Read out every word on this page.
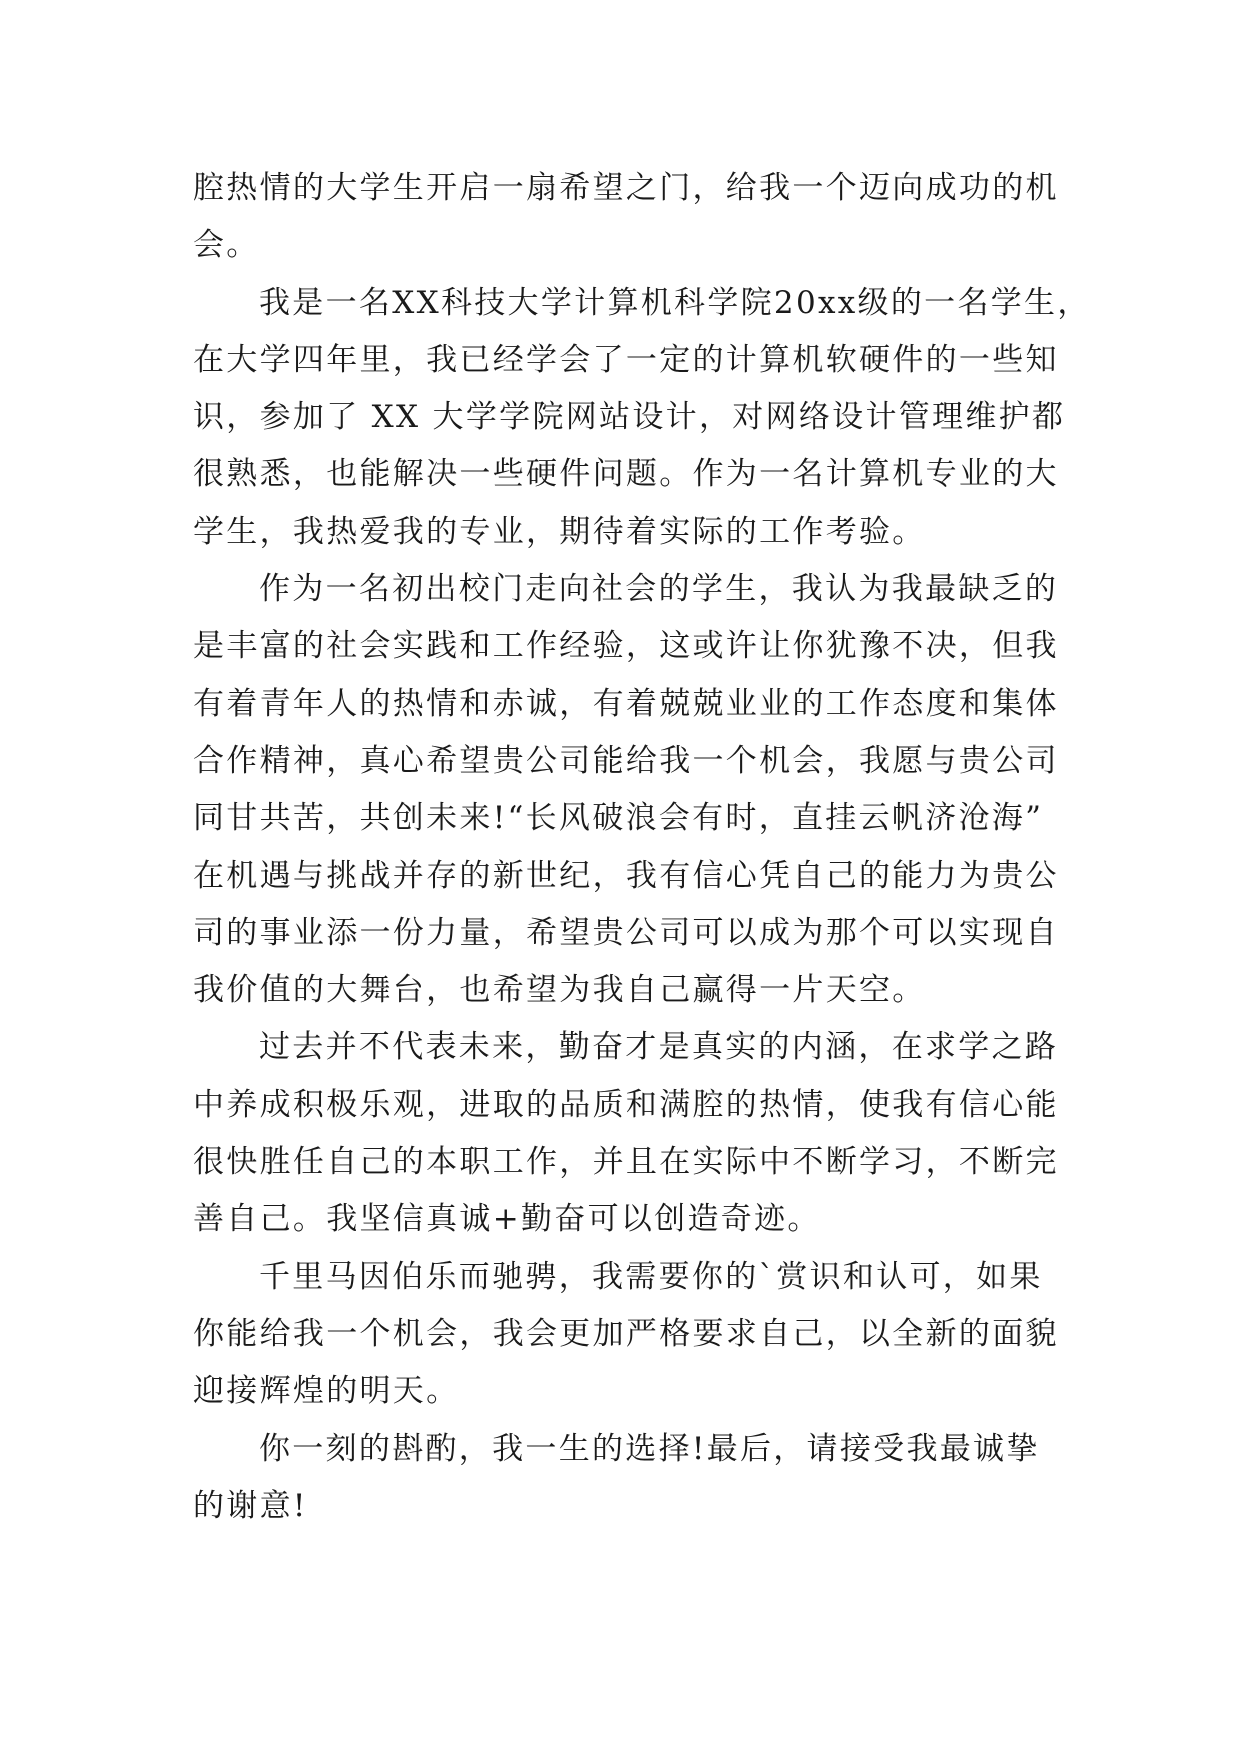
腔热情的大学生开启一扇希望之门，给我一个迈向成功的机
会。
我是一名XX科技大学计算机科学院20xx级的一名学生，
在大学四年里，我已经学会了一定的计算机软硬件的一些知
识，参加了 XX 大学学院网站设计，对网络设计管理维护都
很熟悉，也能解决一些硬件问题。作为一名计算机专业的大
学生，我热爱我的专业，期待着实际的工作考验。
作为一名初出校门走向社会的学生，我认为我最缺乏的
是丰富的社会实践和工作经验，这或许让你犹豫不决，但我
有着青年人的热情和赤诚，有着兢兢业业的工作态度和集体
合作精神，真心希望贵公司能给我一个机会，我愿与贵公司
同甘共苦，共创未来!“长风破浪会有时，直挂云帆济沧海”
在机遇与挑战并存的新世纪，我有信心凭自己的能力为贵公
司的事业添一份力量，希望贵公司可以成为那个可以实现自
我价值的大舞台，也希望为我自己赢得一片天空。
过去并不代表未来，勤奋才是真实的内涵，在求学之路
中养成积极乐观，进取的品质和满腔的热情，使我有信心能
很快胜任自己的本职工作，并且在实际中不断学习，不断完
善自己。我坚信真诚+勤奋可以创造奇迹。
千里马因伯乐而驰骋，我需要你的`赏识和认可，如果
你能给我一个机会，我会更加严格要求自己，以全新的面貌
迎接辉煌的明天。
你一刻的斟酌，我一生的选择!最后，请接受我最诚挚
的谢意!
